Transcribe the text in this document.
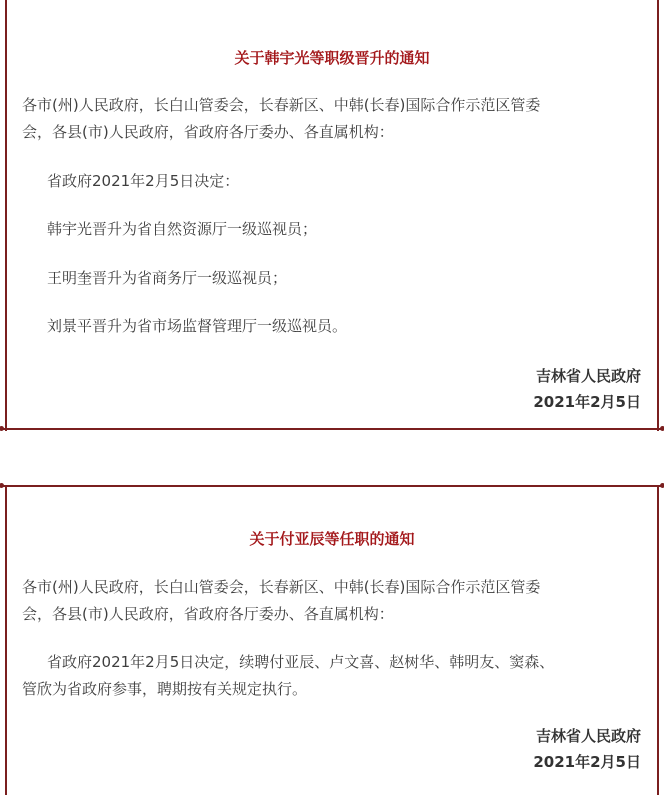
关于韩宇光等职级晋升的通知
各市(州)人民政府，长白山管委会，长春新区、中韩(长春)国际合作示范区管委
会，各县(市)人民政府，省政府各厅委办、各直属机构：
省政府2021年2月5日决定：
韩宇光晋升为省自然资源厅一级巡视员；
王明奎晋升为省商务厅一级巡视员；
刘景平晋升为省市场监督管理厅一级巡视员。
吉林省人民政府
2021年2月5日
关于付亚辰等任职的通知
各市(州)人民政府，长白山管委会，长春新区、中韩(长春)国际合作示范区管委
会，各县(市)人民政府，省政府各厅委办、各直属机构：
省政府2021年2月5日决定，续聘付亚辰、卢文喜、赵树华、韩明友、窦森、
管欣为省政府参事，聘期按有关规定执行。
吉林省人民政府
2021年2月5日
